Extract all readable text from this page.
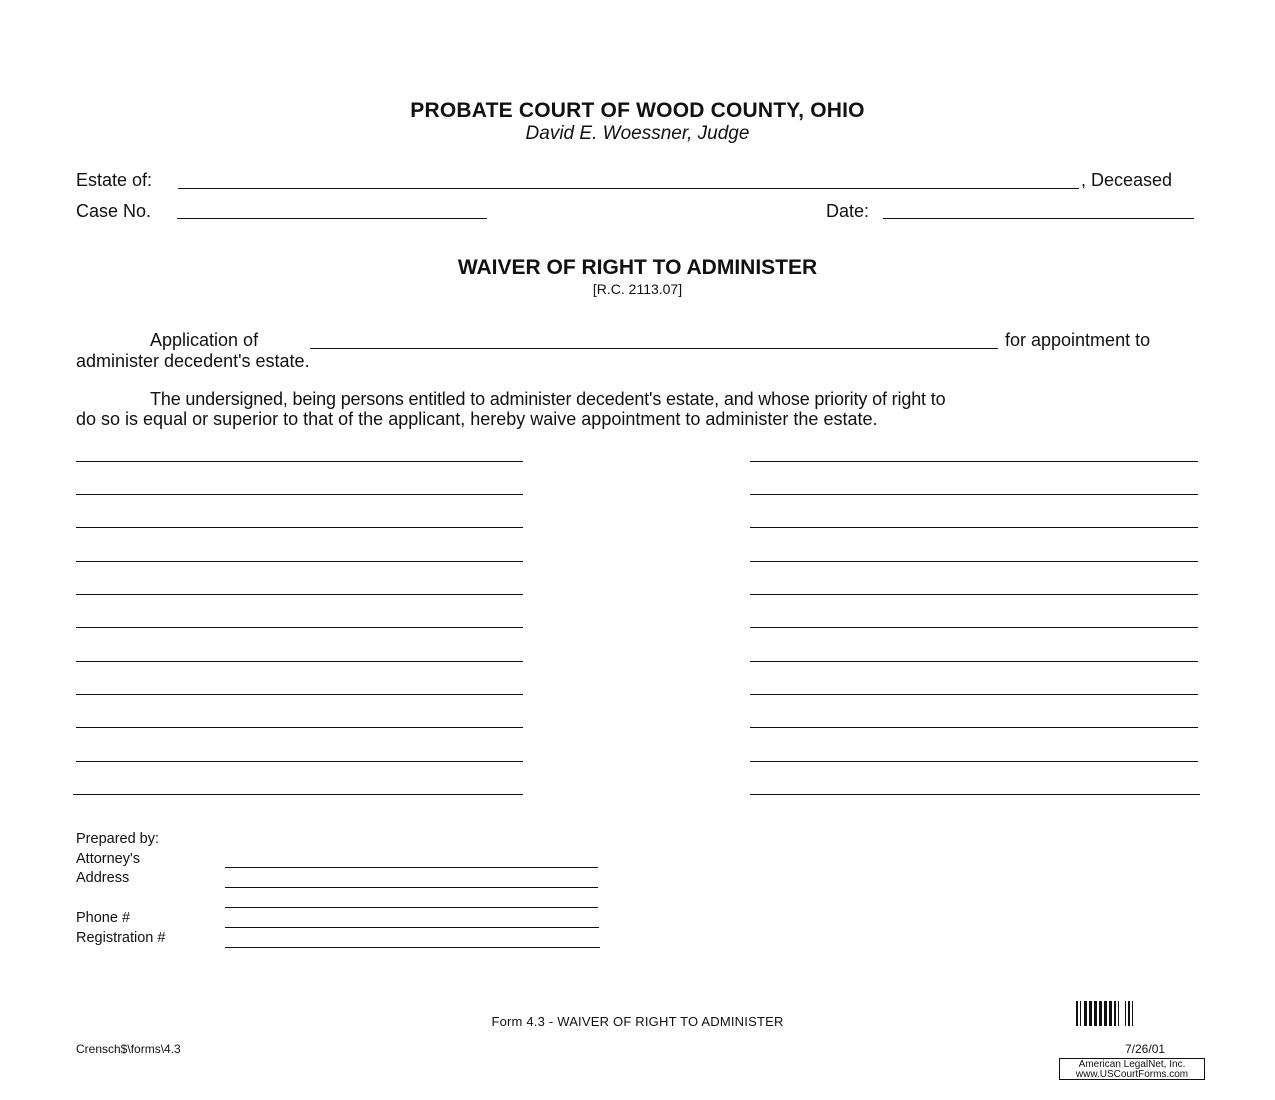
PROBATE COURT OF WOOD COUNTY, OHIO
David E. Woessner, Judge
Estate of:	, Deceased
Case No.	Date:
WAIVER OF RIGHT TO ADMINISTER
[R.C. 2113.07]
Application of	for appointment to
administer decedent's estate.
The undersigned, being persons entitled to administer decedent's estate, and whose priority of right to
do so is equal or superior to that of the applicant, hereby waive appointment to administer the estate.
Prepared by:
Attorney's
Address
Phone #
Registration #
Form 4.3 - WAIVER OF RIGHT TO ADMINISTER
Crensch$\forms\4.3	7/26/01
American LegalNet, Inc.
www.USCourtForms.com
